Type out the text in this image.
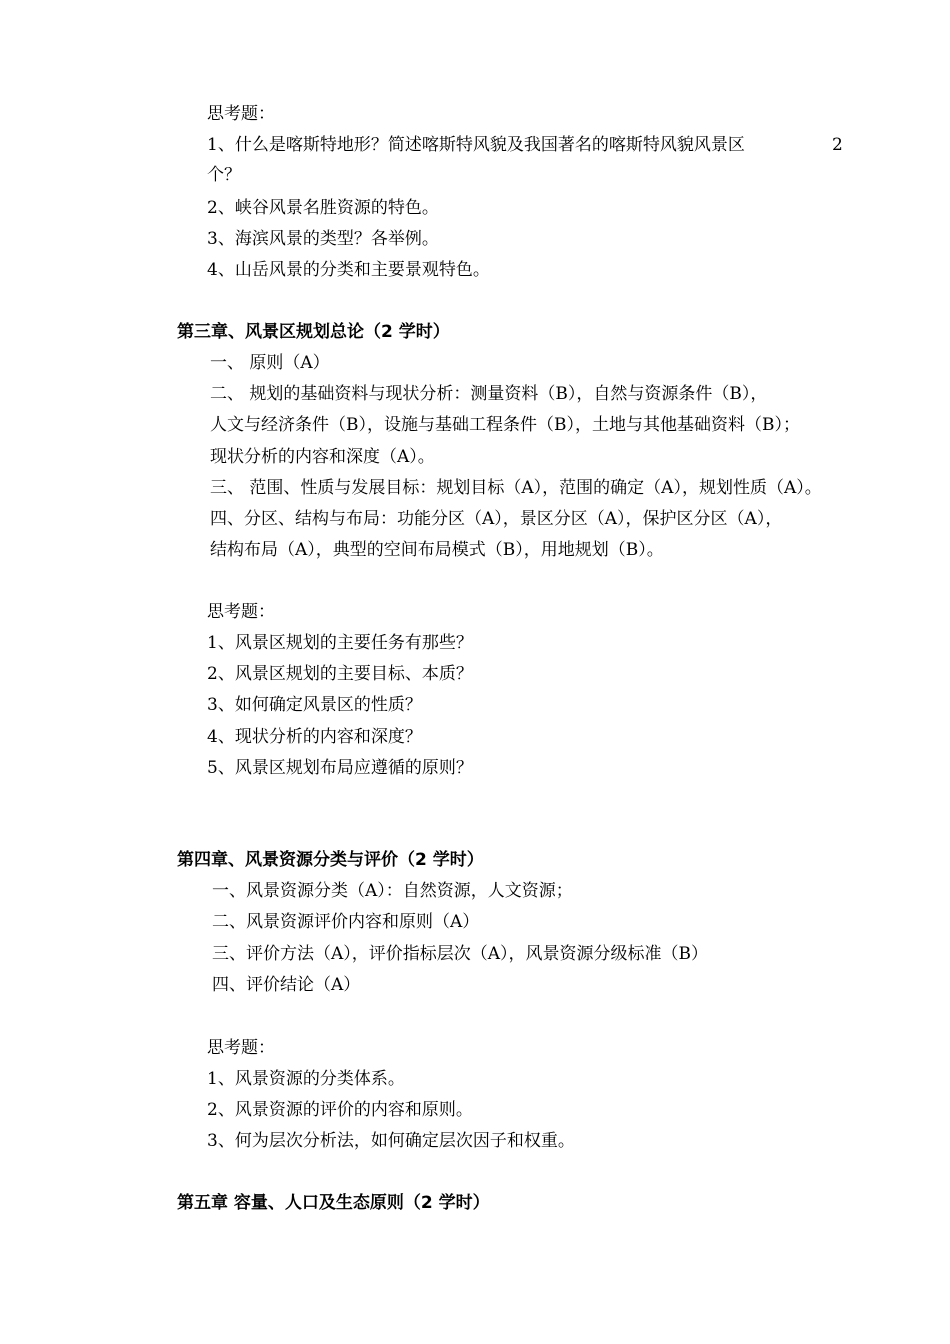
思考题：
1、什么是喀斯特地形？简述喀斯特风貌及我国著名的喀斯特风貌风景区	2
个？
2、峡谷风景名胜资源的特色。
3、海滨风景的类型？各举例。
4、山岳风景的分类和主要景观特色。
第三章、风景区规划总论（2 学时）
一、 原则（A）
二、 规划的基础资料与现状分析：测量资料（B），自然与资源条件（B），
人文与经济条件（B），设施与基础工程条件（B），土地与其他基础资料（B）；
现状分析的内容和深度（A）。
三、 范围、性质与发展目标：规划目标（A），范围的确定（A），规划性质（A）。
四、分区、结构与布局：功能分区（A），景区分区（A），保护区分区（A），
结构布局（A），典型的空间布局模式（B），用地规划（B）。
思考题：
1、风景区规划的主要任务有那些？
2、风景区规划的主要目标、本质？
3、如何确定风景区的性质？
4、现状分析的内容和深度？
5、风景区规划布局应遵循的原则？
第四章、风景资源分类与评价（2 学时）
一、风景资源分类（A）：自然资源，人文资源；
二、风景资源评价内容和原则（A）
三、评价方法（A），评价指标层次（A），风景资源分级标准（B）
四、评价结论（A）
思考题：
1、风景资源的分类体系。
2、风景资源的评价的内容和原则。
3、何为层次分析法，如何确定层次因子和权重。
第五章 容量、人口及生态原则（2 学时）
